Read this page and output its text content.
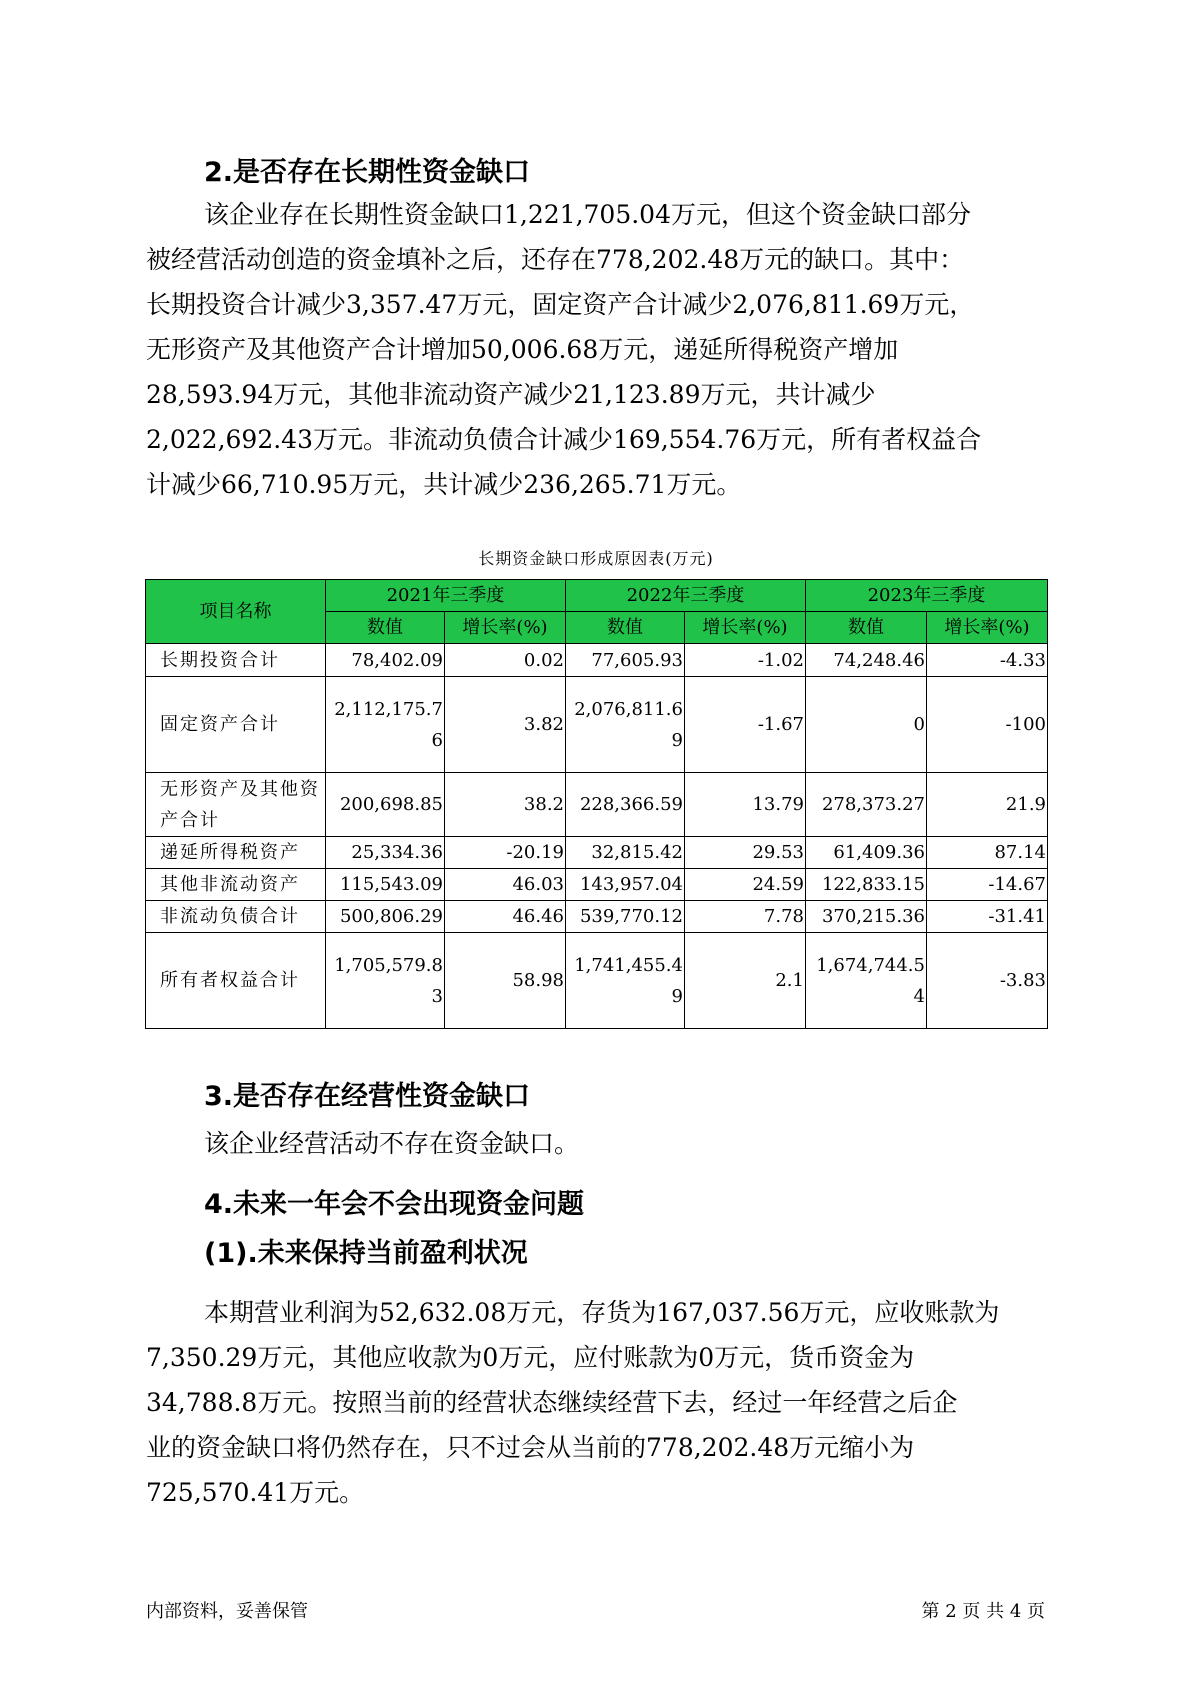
2.是否存在长期性资金缺口
该企业存在长期性资金缺口1,221,705.04万元，但这个资金缺口部分
被经营活动创造的资金填补之后，还存在778,202.48万元的缺口。其中：
长期投资合计减少3,357.47万元，固定资产合计减少2,076,811.69万元，
无形资产及其他资产合计增加50,006.68万元，递延所得税资产增加
28,593.94万元，其他非流动资产减少21,123.89万元，共计减少
2,022,692.43万元。非流动负债合计减少169,554.76万元，所有者权益合
计减少66,710.95万元，共计减少236,265.71万元。
长期资金缺口形成原因表(万元)
项目名称	2021年三季度		2022年三季度		2023年三季度	
	数值	增长率(%)	数值	增长率(%)	数值	增长率(%)
长期投资合计	78,402.09	0.02	77,605.93	-1.02	74,248.46	-4.33
固定资产合计	2,112,175.76	3.82	2,076,811.69	-1.67	0	-100
无形资产及其他资产合计	200,698.85	38.2	228,366.59	13.79	278,373.27	21.9
递延所得税资产	25,334.36	-20.19	32,815.42	29.53	61,409.36	87.14
其他非流动资产	115,543.09	46.03	143,957.04	24.59	122,833.15	-14.67
非流动负债合计	500,806.29	46.46	539,770.12	7.78	370,215.36	-31.41
所有者权益合计	1,705,579.83	58.98	1,741,455.49	2.1	1,674,744.54	-3.83
3.是否存在经营性资金缺口
该企业经营活动不存在资金缺口。
4.未来一年会不会出现资金问题
(1).未来保持当前盈利状况
本期营业利润为52,632.08万元，存货为167,037.56万元，应收账款为
7,350.29万元，其他应收款为0万元，应付账款为0万元，货币资金为
34,788.8万元。按照当前的经营状态继续经营下去，经过一年经营之后企
业的资金缺口将仍然存在，只不过会从当前的778,202.48万元缩小为
725,570.41万元。
内部资料，妥善保管	第 2 页 共 4 页
